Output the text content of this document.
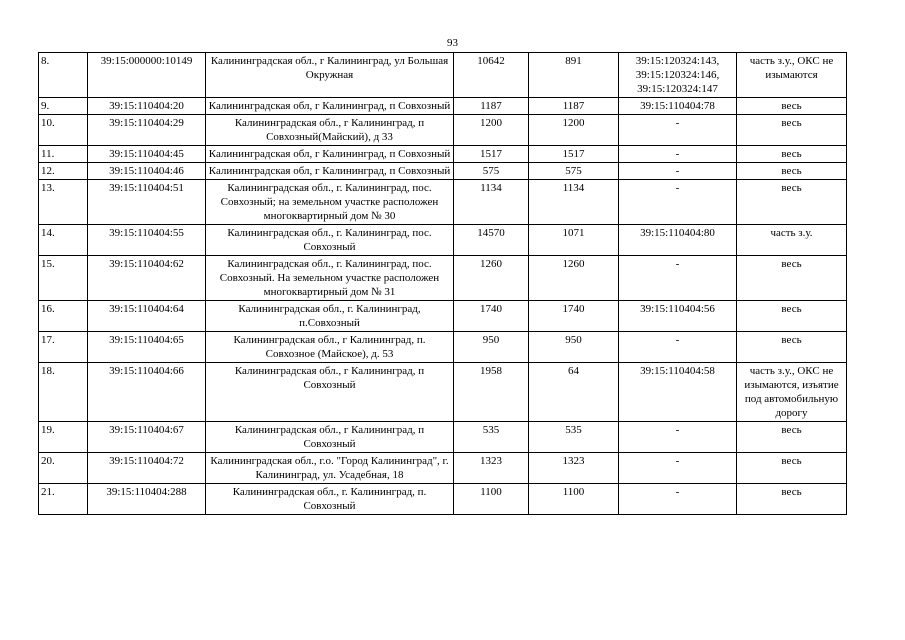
93
8.	39:15:000000:10149	Калининградская обл., г Калининград, ул Большая Окружная	10642	891	39:15:120324:143, 39:15:120324:146, 39:15:120324:147	часть з.у., ОКС не изымаются
9.	39:15:110404:20	Калининградская обл, г Калининград, п Совхозный	1187	1187	39:15:110404:78	весь
10.	39:15:110404:29	Калининградская обл., г Калининград, п Совхозный(Майский), д 33	1200	1200	-	весь
11.	39:15:110404:45	Калининградская обл, г Калининград, п Совхозный	1517	1517	-	весь
12.	39:15:110404:46	Калининградская обл, г Калининград, п Совхозный	575	575	-	весь
13.	39:15:110404:51	Калининградская обл., г. Калининград, пос. Совхозный; на земельном участке расположен многоквартирный дом № 30	1134	1134	-	весь
14.	39:15:110404:55	Калининградская обл., г. Калининград, пос. Совхозный	14570	1071	39:15:110404:80	часть з.у.
15.	39:15:110404:62	Калининградская обл., г. Калининград, пос. Совхозный. На земельном участке расположен многоквартирный дом № 31	1260	1260	-	весь
16.	39:15:110404:64	Калининградская обл., г. Калининград, п.Совхозный	1740	1740	39:15:110404:56	весь
17.	39:15:110404:65	Калининградская обл., г Калининград, п. Совхозное (Майское), д. 53	950	950	-	весь
18.	39:15:110404:66	Калининградская обл., г Калининград, п Совхозный	1958	64	39:15:110404:58	часть з.у., ОКС не изымаются, изъятие под автомобильную дорогу
19.	39:15:110404:67	Калининградская обл., г Калининград, п Совхозный	535	535	-	весь
20.	39:15:110404:72	Калининградская обл., г.о. "Город Калининград", г. Калининград, ул. Усадебная, 18	1323	1323	-	весь
21.	39:15:110404:288	Калининградская обл., г. Калининград, п. Совхозный	1100	1100	-	весь
